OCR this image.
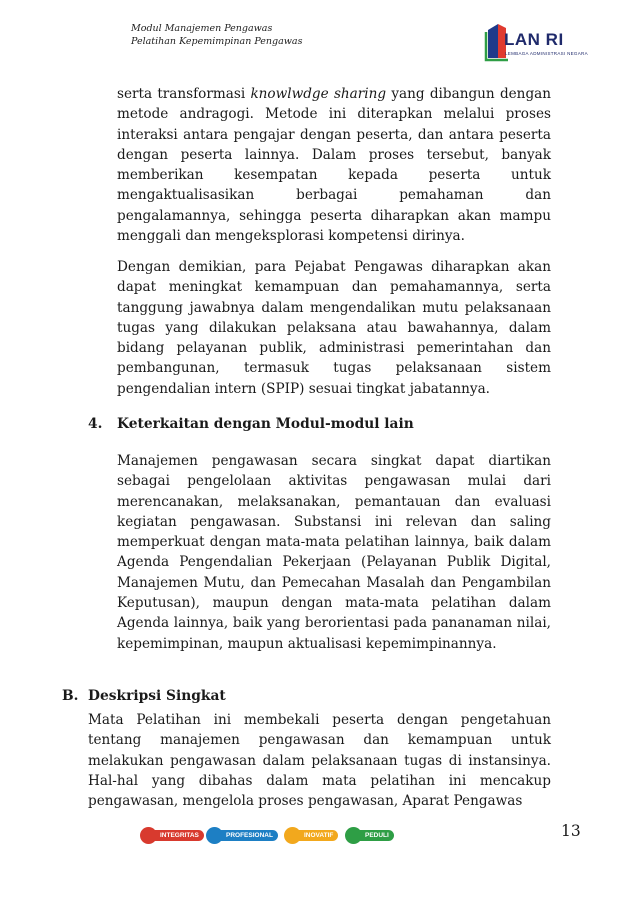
Modul Manajemen Pengawas
Pelatihan Kepemimpinan Pengawas	LAN RI
LEMBAGA ADMINISTRASI NEGARA
serta transformasi knowlwdge sharing yang dibangun dengan metode andragogi. Metode ini diterapkan melalui proses interaksi antara pengajar dengan peserta, dan antara peserta dengan peserta lainnya. Dalam proses tersebut, banyak memberikan kesempatan kepada peserta untuk mengaktualisasikan berbagai pemahaman dan pengalamannya, sehingga peserta diharapkan akan mampu menggali dan mengeksplorasi kompetensi dirinya.
Dengan demikian, para Pejabat Pengawas diharapkan akan dapat meningkat kemampuan dan pemahamannya, serta tanggung jawabnya dalam mengendalikan mutu pelaksanaan tugas yang dilakukan pelaksana atau bawahannya, dalam bidang pelayanan publik, administrasi pemerintahan dan pembangunan, termasuk tugas pelaksanaan sistem pengendalian intern (SPIP) sesuai tingkat jabatannya.
4. Keterkaitan dengan Modul-modul lain
Manajemen pengawasan secara singkat dapat diartikan sebagai pengelolaan aktivitas pengawasan mulai dari merencanakan, melaksanakan, pemantauan dan evaluasi kegiatan pengawasan. Substansi ini relevan dan saling memperkuat dengan mata-mata pelatihan lainnya, baik dalam Agenda Pengendalian Pekerjaan (Pelayanan Publik Digital, Manajemen Mutu, dan Pemecahan Masalah dan Pengambilan Keputusan), maupun dengan mata-mata pelatihan dalam Agenda lainnya, baik yang berorientasi pada pananaman nilai, kepemimpinan, maupun aktualisasi kepemimpinannya.
B. Deskripsi Singkat
Mata Pelatihan ini membekali peserta dengan pengetahuan tentang manajemen pengawasan dan kemampuan untuk melakukan pengawasan dalam pelaksanaan tugas di instansinya. Hal-hal yang dibahas dalam mata pelatihan ini mencakup pengawasan, mengelola proses pengawasan, Aparat Pengawas
INTEGRITAS	PROFESIONAL	INOVATIF	PEDULI	13
